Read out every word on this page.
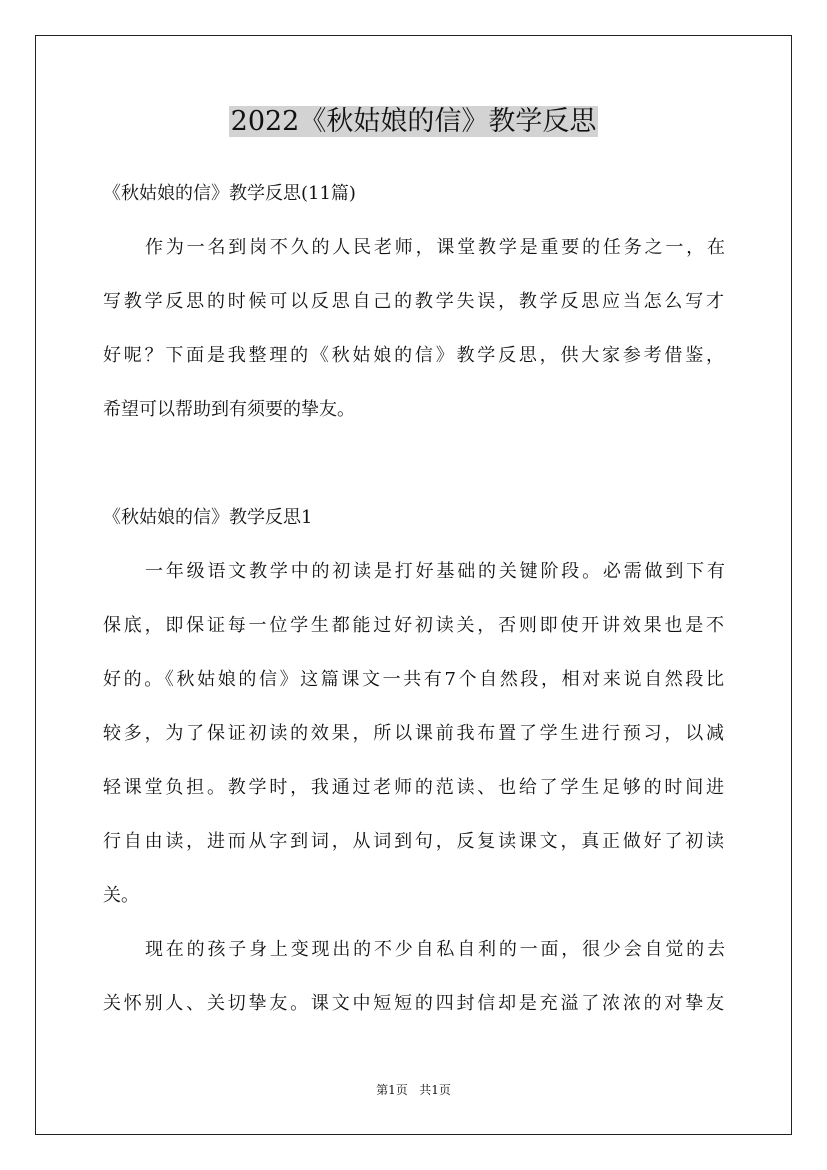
2022《秋姑娘的信》教学反思
《秋姑娘的信》教学反思(11篇)
作为一名到岗不久的人民老师，课堂教学是重要的任务之一，在
写教学反思的时候可以反思自己的教学失误，教学反思应当怎么写才
好呢？下面是我整理的《秋姑娘的信》教学反思，供大家参考借鉴，
希望可以帮助到有须要的挚友。
《秋姑娘的信》教学反思1
一年级语文教学中的初读是打好基础的关键阶段。必需做到下有
保底，即保证每一位学生都能过好初读关，否则即使开讲效果也是不
好的。《秋姑娘的信》这篇课文一共有7个自然段，相对来说自然段比
较多，为了保证初读的效果，所以课前我布置了学生进行预习，以减
轻课堂负担。教学时，我通过老师的范读、也给了学生足够的时间进
行自由读，进而从字到词，从词到句，反复读课文，真正做好了初读
关。
现在的孩子身上变现出的不少自私自利的一面，很少会自觉的去
关怀别人、关切挚友。课文中短短的四封信却是充溢了浓浓的对挚友
第1页 共1页
